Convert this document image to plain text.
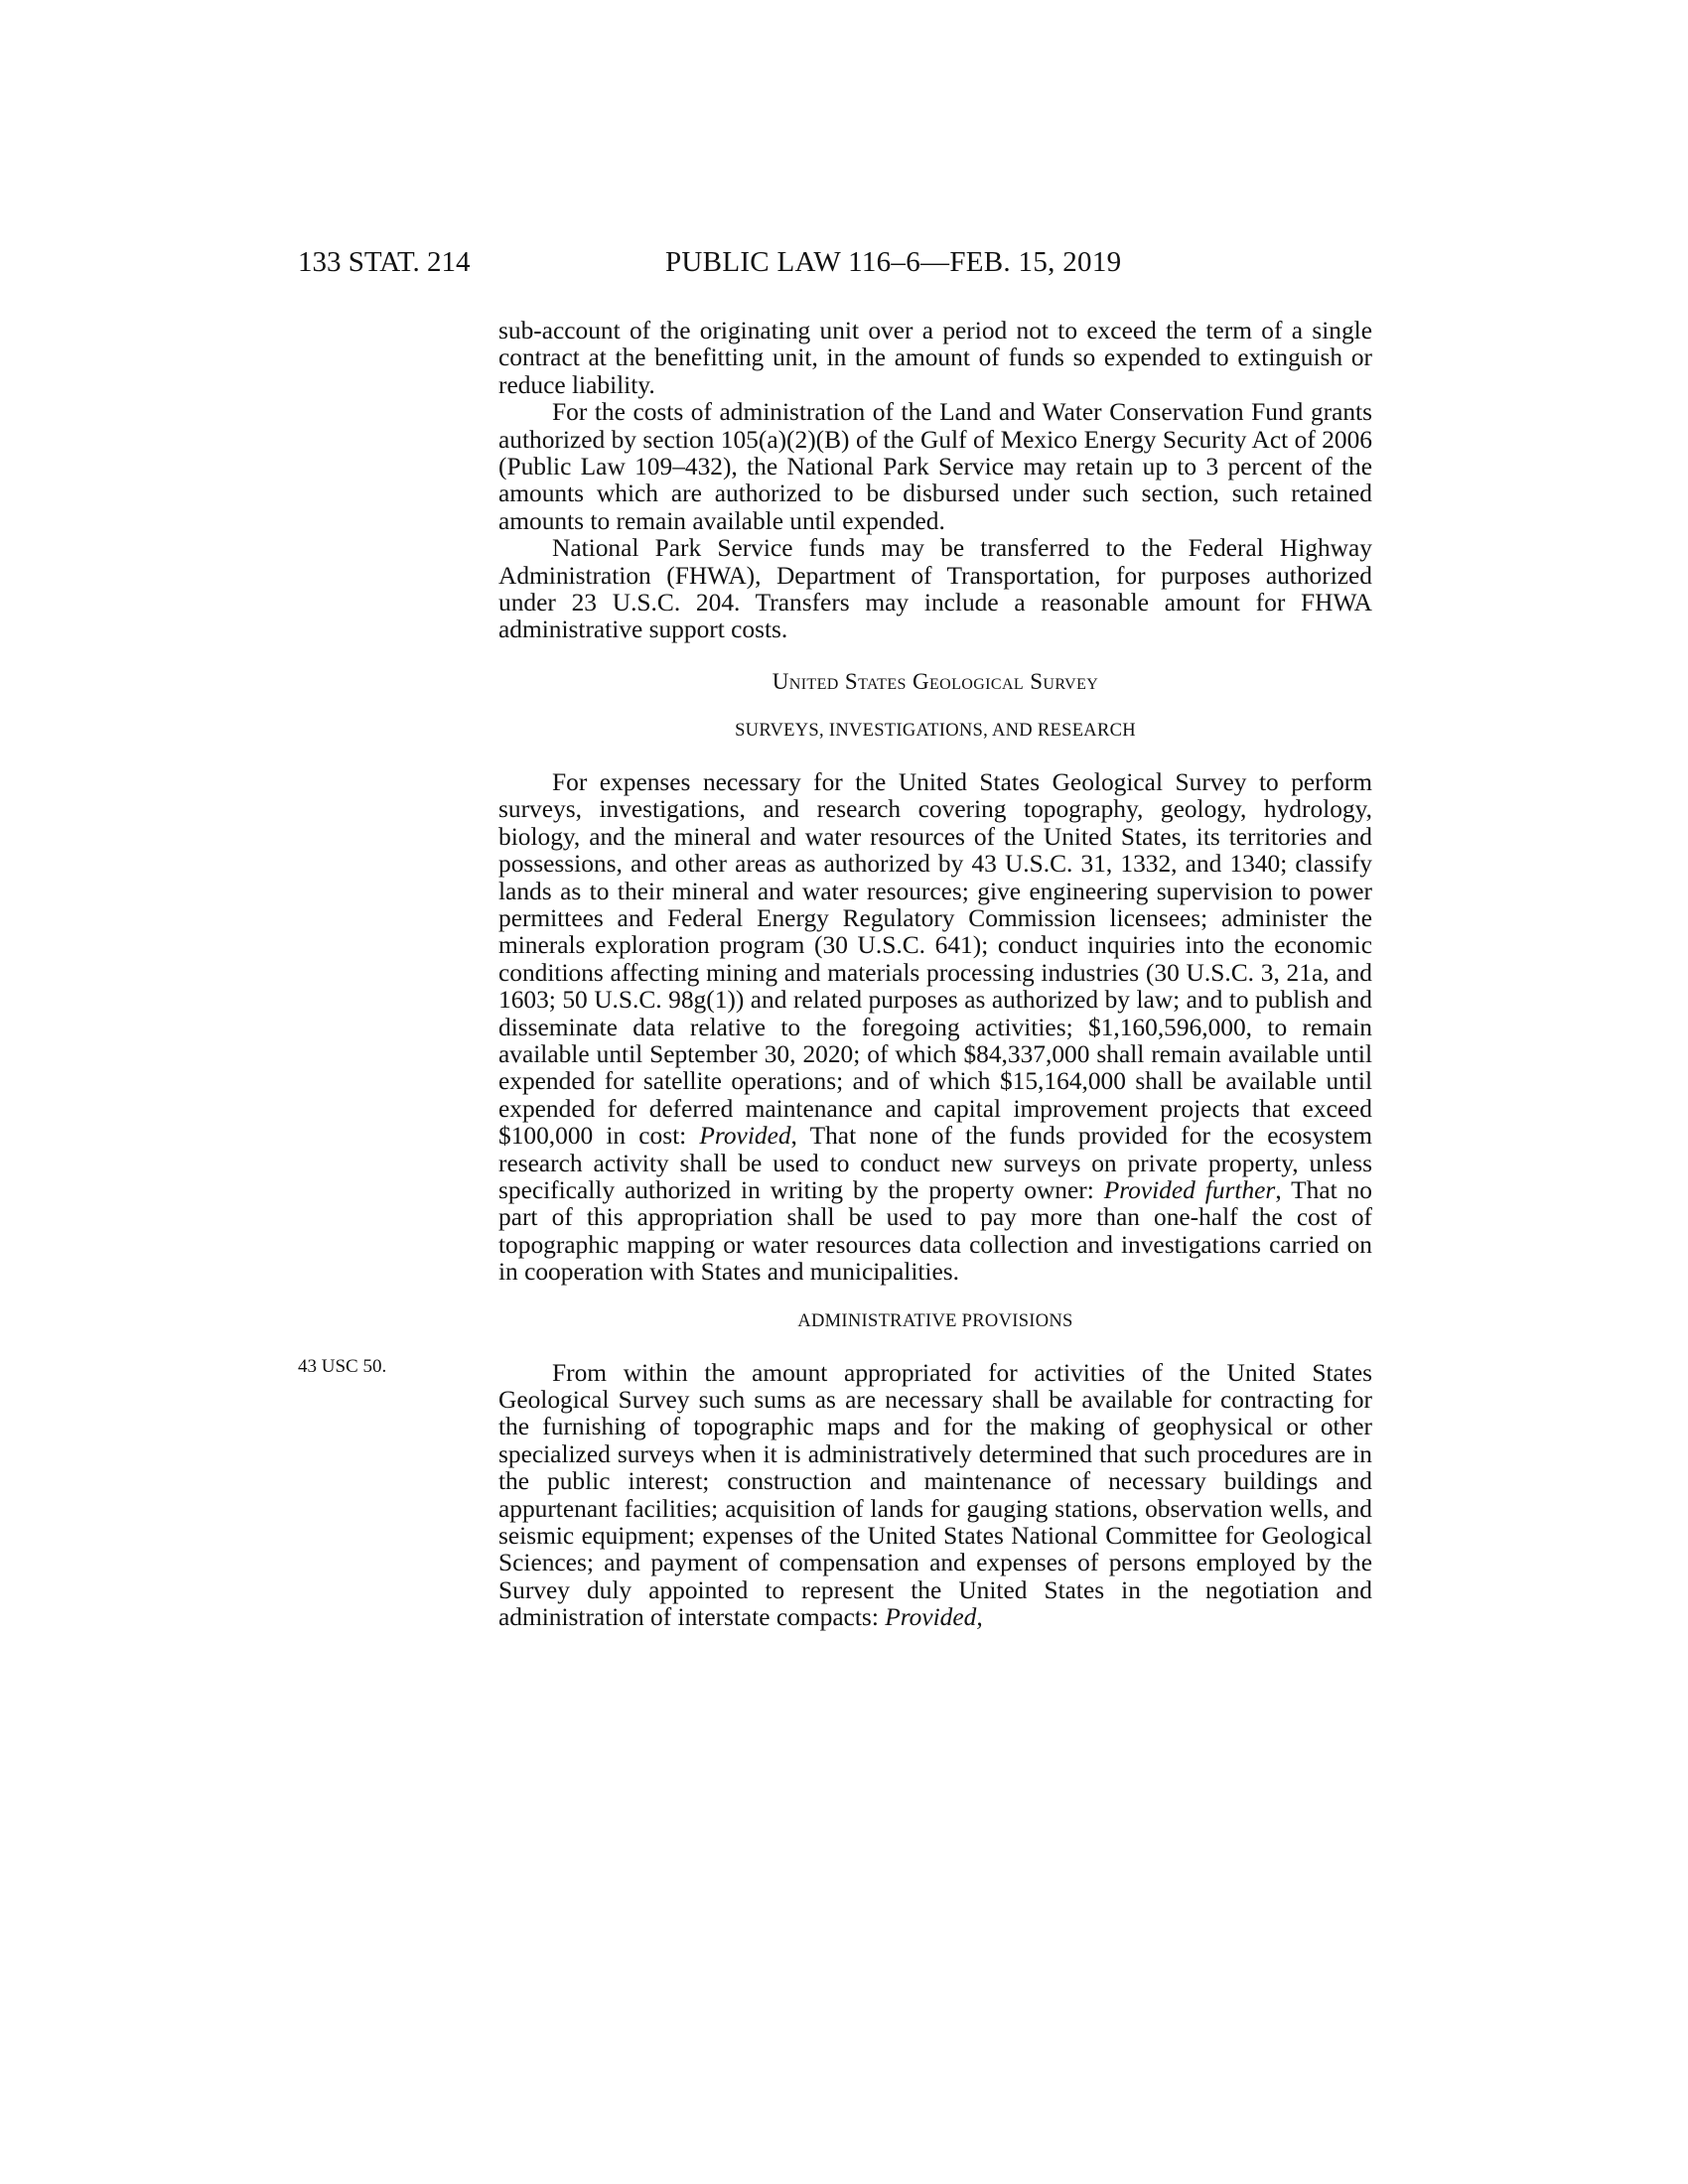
133 STAT. 214	PUBLIC LAW 116–6—FEB. 15, 2019
43 USC 50.

sub-account of the originating unit over a period not to exceed the term of a single contract at the benefitting unit, in the amount of funds so expended to extinguish or reduce liability.

For the costs of administration of the Land and Water Conservation Fund grants authorized by section 105(a)(2)(B) of the Gulf of Mexico Energy Security Act of 2006 (Public Law 109–432), the National Park Service may retain up to 3 percent of the amounts which are authorized to be disbursed under such section, such retained amounts to remain available until expended.

National Park Service funds may be transferred to the Federal Highway Administration (FHWA), Department of Transportation, for purposes authorized under 23 U.S.C. 204. Transfers may include a reasonable amount for FHWA administrative support costs.

United States Geological Survey
SURVEYS, INVESTIGATIONS, AND RESEARCH

For expenses necessary for the United States Geological Survey to perform surveys, investigations, and research covering topography, geology, hydrology, biology, and the mineral and water resources of the United States, its territories and possessions, and other areas as authorized by 43 U.S.C. 31, 1332, and 1340; classify lands as to their mineral and water resources; give engineering supervision to power permittees and Federal Energy Regulatory Commission licensees; administer the minerals exploration program (30 U.S.C. 641); conduct inquiries into the economic conditions affecting mining and materials processing industries (30 U.S.C. 3, 21a, and 1603; 50 U.S.C. 98g(1)) and related purposes as authorized by law; and to publish and disseminate data relative to the foregoing activities; $1,160,596,000, to remain available until September 30, 2020; of which $84,337,000 shall remain available until expended for satellite operations; and of which $15,164,000 shall be available until expended for deferred maintenance and capital improvement projects that exceed $100,000 in cost: Provided, That none of the funds provided for the ecosystem research activity shall be used to conduct new surveys on private property, unless specifically authorized in writing by the property owner: Provided further, That no part of this appropriation shall be used to pay more than one-half the cost of topographic mapping or water resources data collection and investigations carried on in cooperation with States and municipalities.

ADMINISTRATIVE PROVISIONS

From within the amount appropriated for activities of the United States Geological Survey such sums as are necessary shall be available for contracting for the furnishing of topographic maps and for the making of geophysical or other specialized surveys when it is administratively determined that such procedures are in the public interest; construction and maintenance of necessary buildings and appurtenant facilities; acquisition of lands for gauging stations, observation wells, and seismic equipment; expenses of the United States National Committee for Geological Sciences; and payment of compensation and expenses of persons employed by the Survey duly appointed to represent the United States in the negotiation and administration of interstate compacts: Provided,
